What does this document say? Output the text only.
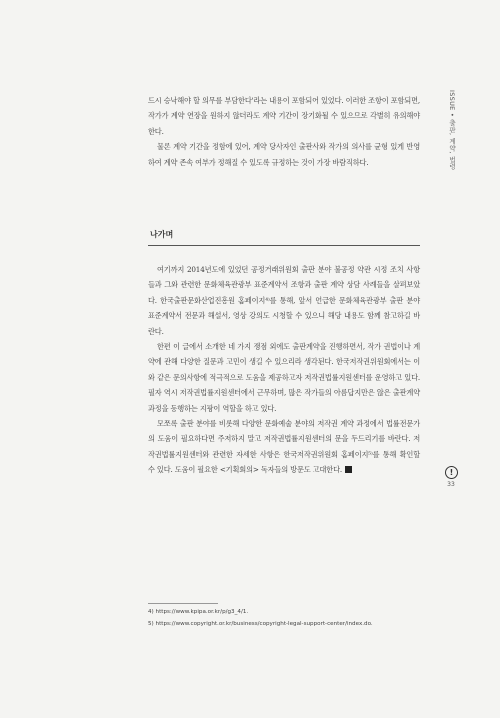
ISSUE • 출판, 계약, 법령

드시 승낙해야 할 의무를 부담한다'라는 내용이 포함되어 있었다. 이러한 조항이 포함되면, 작가가 계약 연장을 원하지 않더라도 계약 기간이 장기화될 수 있으므로 각별히 유의해야 한다.

물론 계약 기간을 정함에 있어, 계약 당사자인 출판사와 작가의 의사를 균형 있게 반영하여 계약 존속 여부가 정해질 수 있도록 규정하는 것이 가장 바람직하다.

나가며

여기까지 2014년도에 있었던 공정거래위원회 출판 분야 불공정 약관 시정 조치 사항들과 그와 관련한 문화체육관광부 표준계약서 조항과 출판 계약 상담 사례들을 살펴보았다. 한국출판문화산업진흥원 홈페이지⁴⁾를 통해, 앞서 언급한 문화체육관광부 출판 분야 표준계약서 전문과 해설서, 영상 강의도 시청할 수 있으니 해당 내용도 함께 참고하길 바란다.

한편 이 글에서 소개한 네 가지 쟁점 외에도 출판계약을 진행하면서, 작가 권법이나 계약에 관해 다양한 질문과 고민이 생길 수 있으리라 생각된다. 한국저작권위원회에서는 이와 같은 문의사항에 적극적으로 도움을 제공하고자 저작권법률지원센터를 운영하고 있다. 필자 역시 저작권법률지원센터에서 근무하며, 많은 작가들의 아름답지만은 않은 출판계약 과정을 동행하는 지팡이 역할을 하고 있다.

모쪼록 출판 분야를 비롯해 다양한 문화예술 분야의 저작권 계약 과정에서 법률전문가의 도움이 필요하다면 주저하지 말고 저작권법률지원센터의 문을 두드리기를 바란다. 저작권법률지원센터와 관련한 자세한 사항은 한국저작권위원회 홈페이지⁵⁾를 통해 확인할 수 있다. 도움이 필요한 <기획회의> 독자들의 방문도 고대한다.	!
33
4) https://www.kpipa.or.kr/p/g3_4/1.
5) https://www.copyright.or.kr/business/copyright-legal-support-center/index.do.
